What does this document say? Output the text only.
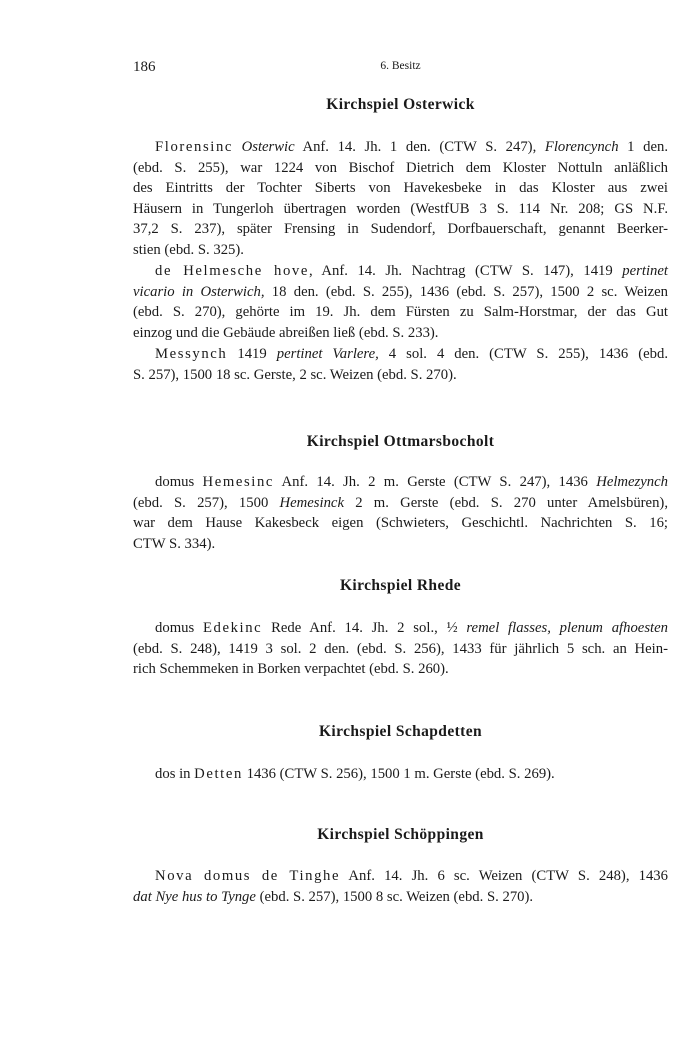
186	6. Besitz
Kirchspiel Osterwick
Florensinc Osterwic Anf. 14. Jh. 1 den. (CTW S. 247), Florencynch 1 den.
(ebd. S. 255), war 1224 von Bischof Dietrich dem Kloster Nottuln anläßlich
des Eintritts der Tochter Siberts von Havekesbeke in das Kloster aus zwei
Häusern in Tungerloh übertragen worden (WestfUB 3 S. 114 Nr. 208; GS N.F.
37,2 S. 237), später Frensing in Sudendorf, Dorfbauerschaft, genannt Beerker-
stien (ebd. S. 325).
de Helmesche hove, Anf. 14. Jh. Nachtrag (CTW S. 147), 1419 pertinet
vicario in Osterwich, 18 den. (ebd. S. 255), 1436 (ebd. S. 257), 1500 2 sc. Weizen
(ebd. S. 270), gehörte im 19. Jh. dem Fürsten zu Salm-Horstmar, der das Gut
einzog und die Gebäude abreißen ließ (ebd. S. 233).
Messynch 1419 pertinet Varlere, 4 sol. 4 den. (CTW S. 255), 1436 (ebd.
S. 257), 1500 18 sc. Gerste, 2 sc. Weizen (ebd. S. 270).
Kirchspiel Ottmarsbocholt
domus Hemesinc Anf. 14. Jh. 2 m. Gerste (CTW S. 247), 1436 Helmezynch
(ebd. S. 257), 1500 Hemesinck 2 m. Gerste (ebd. S. 270 unter Amelsbüren),
war dem Hause Kakesbeck eigen (Schwieters, Geschichtl. Nachrichten S. 16;
CTW S. 334).
Kirchspiel Rhede
domus Edekinc Rede Anf. 14. Jh. 2 sol., ½ remel flasses, plenum afhoesten
(ebd. S. 248), 1419 3 sol. 2 den. (ebd. S. 256), 1433 für jährlich 5 sch. an Hein-
rich Schemmeken in Borken verpachtet (ebd. S. 260).
Kirchspiel Schapdetten
dos in Detten 1436 (CTW S. 256), 1500 1 m. Gerste (ebd. S. 269).
Kirchspiel Schöppingen
Nova domus de Tinghe Anf. 14. Jh. 6 sc. Weizen (CTW S. 248), 1436
dat Nye hus to Tynge (ebd. S. 257), 1500 8 sc. Weizen (ebd. S. 270).
